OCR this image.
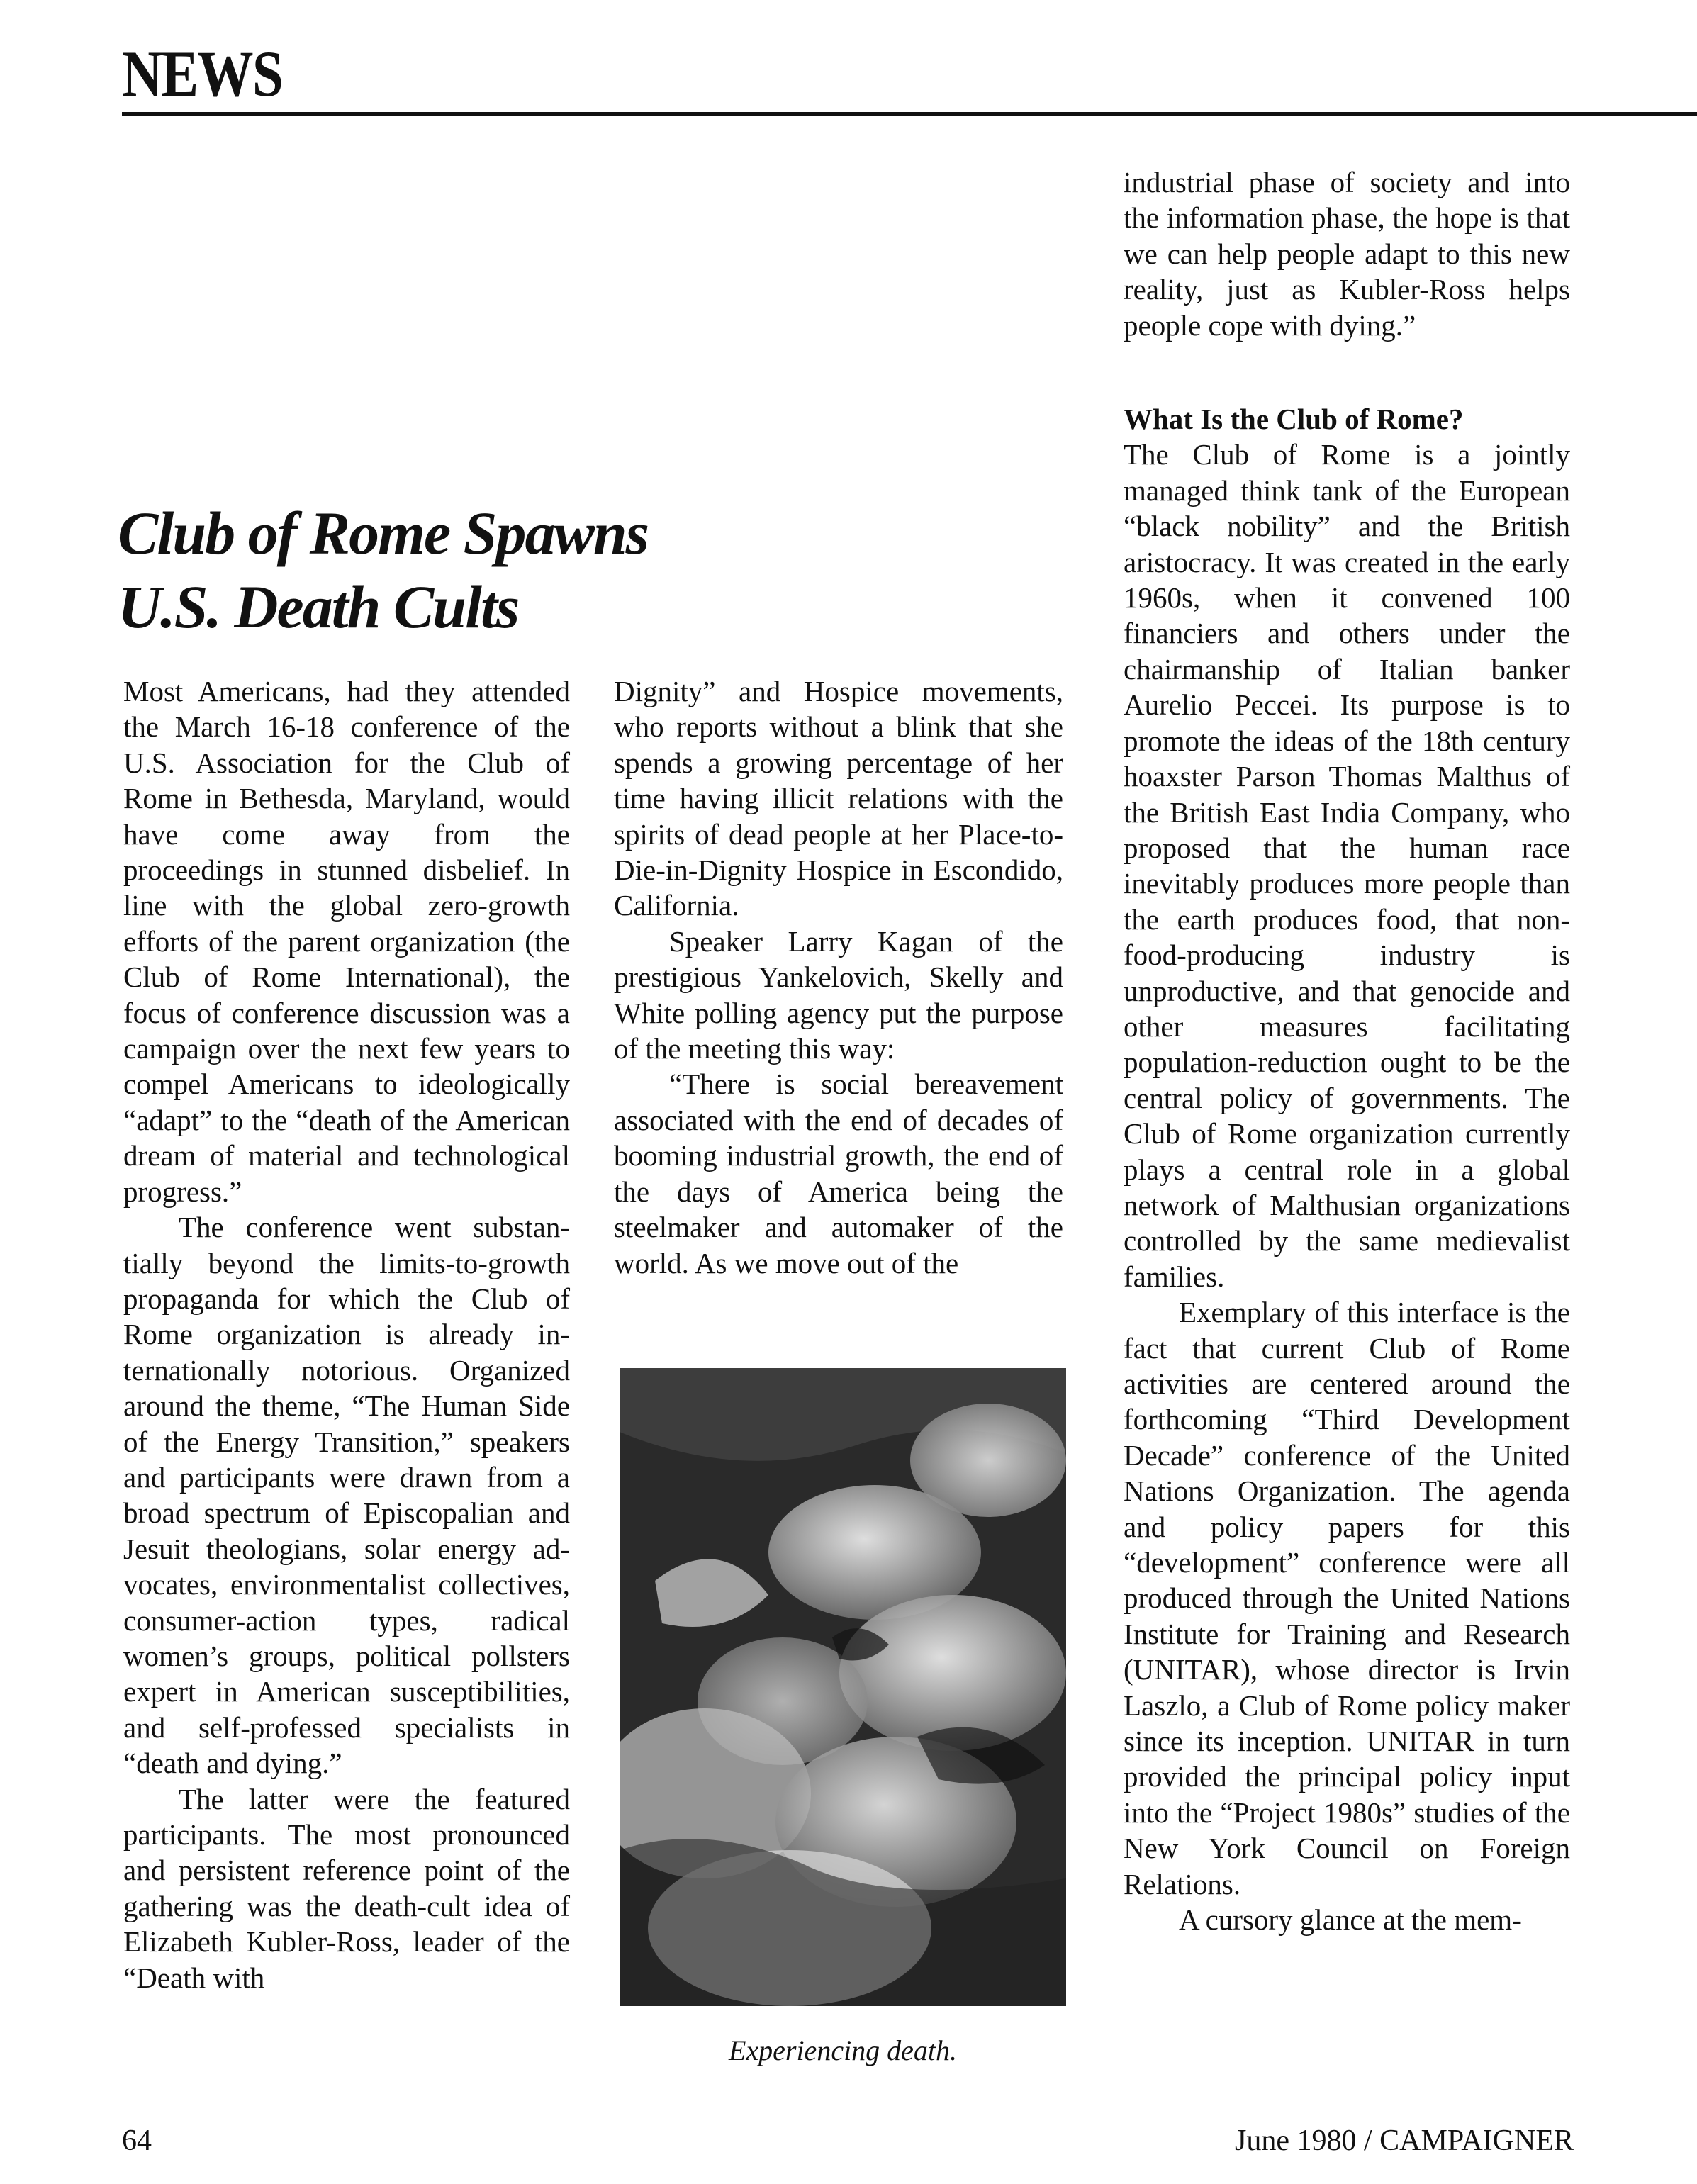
NEWS
Club of Rome Spawns
U.S. Death Cults

Most Americans, had they attended the March 16-18 conference of the U.S. Association for the Club of Rome in Bethesda, Maryland, would have come away from the proceedings in stunned disbelief. In line with the global zero-growth efforts of the parent organization (the Club of Rome International), the focus of conference discussion was a campaign over the next few years to compel Americans to ideologically “adapt” to the “death of the American dream of material and technological progress.”

The conference went substantially beyond the limits-to-growth propaganda for which the Club of Rome organization is already internationally notorious. Organized around the theme, “The Human Side of the Energy Transition,” speakers and participants were drawn from a broad spectrum of Episcopalian and Jesuit theologians, solar energy advocates, environmentalist collectives, consumer-action types, radical women’s groups, political pollsters expert in American susceptibilities, and self-professed specialists in “death and dying.”

The latter were the featured participants. The most pronounced and persistent reference point of the gathering was the death-cult idea of Elizabeth Kubler-Ross, leader of the “Death with

Dignity” and Hospice movements, who reports without a blink that she spends a growing percentage of her time having illicit relations with the spirits of dead people at her Place-to-Die-in-Dignity Hospice in Escondido, California.

Speaker Larry Kagan of the prestigious Yankelovich, Skelly and White polling agency put the purpose of the meeting this way:

“There is social bereavement associated with the end of decades of booming industrial growth, the end of the days of America being the steelmaker and automaker of the world. As we move out of the

industrial phase of society and into the information phase, the hope is that we can help people adapt to this new reality, just as Kubler-Ross helps people cope with dying.”

What Is the Club of Rome?

The Club of Rome is a jointly managed think tank of the European “black nobility” and the British aristocracy. It was created in the early 1960s, when it convened 100 financiers and others under the chairmanship of Italian banker Aurelio Peccei. Its purpose is to promote the ideas of the 18th century hoaxster Parson Thomas Malthus of the British East India Company, who proposed that the human race inevitably produces more people than the earth produces food, that non-food-producing industry is unproductive, and that genocide and other measures facilitating population-reduction ought to be the central policy of governments. The Club of Rome organization currently plays a central role in a global network of Malthusian organizations controlled by the same medievalist families.

Exemplary of this interface is the fact that current Club of Rome activities are centered around the forthcoming “Third Development Decade” conference of the United Nations Organization. The agenda and policy papers for this “development” conference were all produced through the United Nations Institute for Training and Research (UNITAR), whose director is Irvin Laszlo, a Club of Rome policy maker since its inception. UNITAR in turn provided the principal policy input into the “Project 1980s” studies of the New York Council on Foreign Relations.

A cursory glance at the mem-

Experiencing death.
64	June 1980 / CAMPAIGNER
